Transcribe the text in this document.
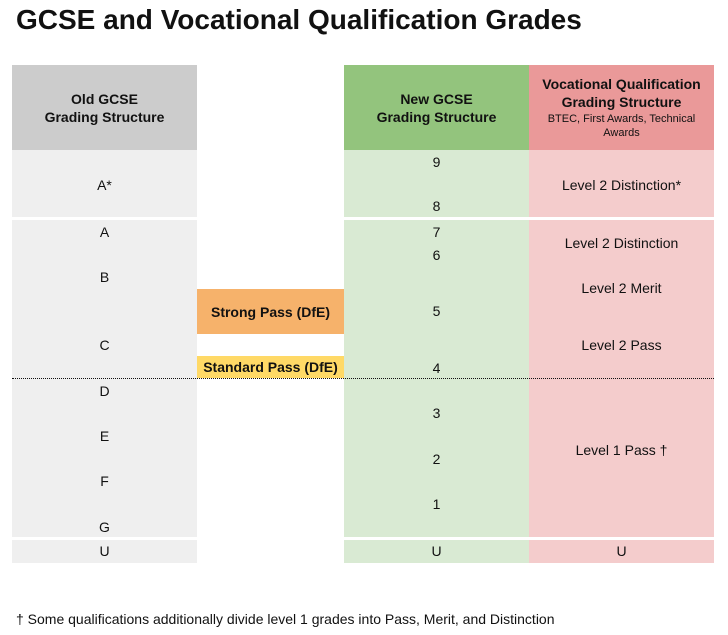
GCSE and Vocational Qualification Grades
Old GCSE
Grading Structure
New GCSE
Grading Structure
Vocational Qualification
Grading Structure
BTEC, First Awards, Technical Awards
Strong Pass (DfE)
Standard Pass (DfE)
A*
A
B
C
D
E
F
G
U
9
8
7
6
5
4
3
2
1
U
Level 2 Distinction*
Level 2 Distinction
Level 2 Merit
Level 2 Pass
Level 1 Pass †
U
† Some qualifications additionally divide level 1 grades into Pass, Merit, and Distinction
